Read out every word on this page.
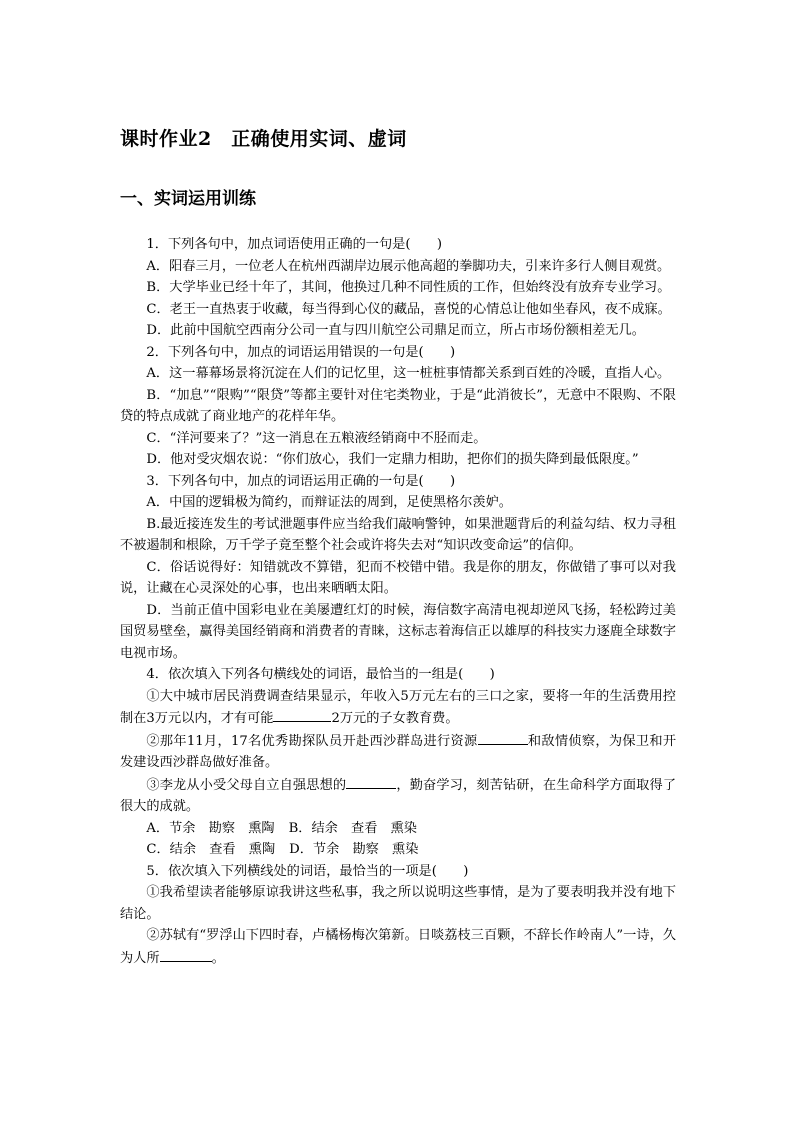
课时作业2　正确使用实词、虚词
一、实词运用训练

1．下列各句中，加点词语使用正确的一句是(　　)

A．阳春三月，一位老人在杭州西湖岸边展示他高超的拳脚功夫，引来许多行人侧目观赏。

B．大学毕业已经十年了，其间，他换过几种不同性质的工作，但始终没有放弃专业学习。

C．老王一直热衷于收藏，每当得到心仪的藏品，喜悦的心情总让他如坐春风，夜不成寐。

D．此前中国航空西南分公司一直与四川航空公司鼎足而立，所占市场份额相差无几。

2．下列各句中，加点的词语运用错误的一句是(　　)

A．这一幕幕场景将沉淀在人们的记忆里，这一桩桩事情都关系到百姓的冷暖，直指人心。

B．“加息”“限购”“限贷”等都主要针对住宅类物业，于是“此消彼长”，无意中不限购、不限贷的特点成就了商业地产的花样年华。

C．“洋河要来了？”这一消息在五粮液经销商中不胫而走。

D．他对受灾烟农说：“你们放心，我们一定鼎力相助，把你们的损失降到最低限度。”

3．下列各句中，加点的词语运用正确的一句是(　　)

A．中国的逻辑极为简约，而辩证法的周到，足使黑格尔羡妒。

B.最近接连发生的考试泄题事件应当给我们敲响警钟，如果泄题背后的利益勾结、权力寻租不被遏制和根除，万千学子竟至整个社会或许将失去对“知识改变命运”的信仰。

C．俗话说得好：知错就改不算错，犯而不校错中错。我是你的朋友，你做错了事可以对我说，让藏在心灵深处的心事，也出来晒晒太阳。

D．当前正值中国彩电业在美屡遭红灯的时候，海信数字高清电视却逆风飞扬，轻松跨过美国贸易壁垒，赢得美国经销商和消费者的青睐，这标志着海信正以雄厚的科技实力逐鹿全球数字电视市场。

4．依次填入下列各句横线处的词语，最恰当的一组是(　　)

①大中城市居民消费调查结果显示，年收入5万元左右的三口之家，要将一年的生活费用控制在3万元以内，才有可能	2万元的子女教育费。

②那年11月，17名优秀勘探队员开赴西沙群岛进行资源	和敌情侦察，为保卫和开发建设西沙群岛做好准备。

③李龙从小受父母自立自强思想的	，勤奋学习，刻苦钻研，在生命科学方面取得了很大的成就。

A．节余　勘察　熏陶 B．结余　查看　熏染

C．结余　查看　熏陶 D．节余　勘察　熏染

5．依次填入下列横线处的词语，最恰当的一项是(　　)

①我希望读者能够原谅我讲这些私事，我之所以说明这些事情，是为了要表明我并没有地下结论。

②苏轼有“罗浮山下四时春，卢橘杨梅次第新。日啖荔枝三百颗，不辞长作岭南人”一诗，久为人所	。
